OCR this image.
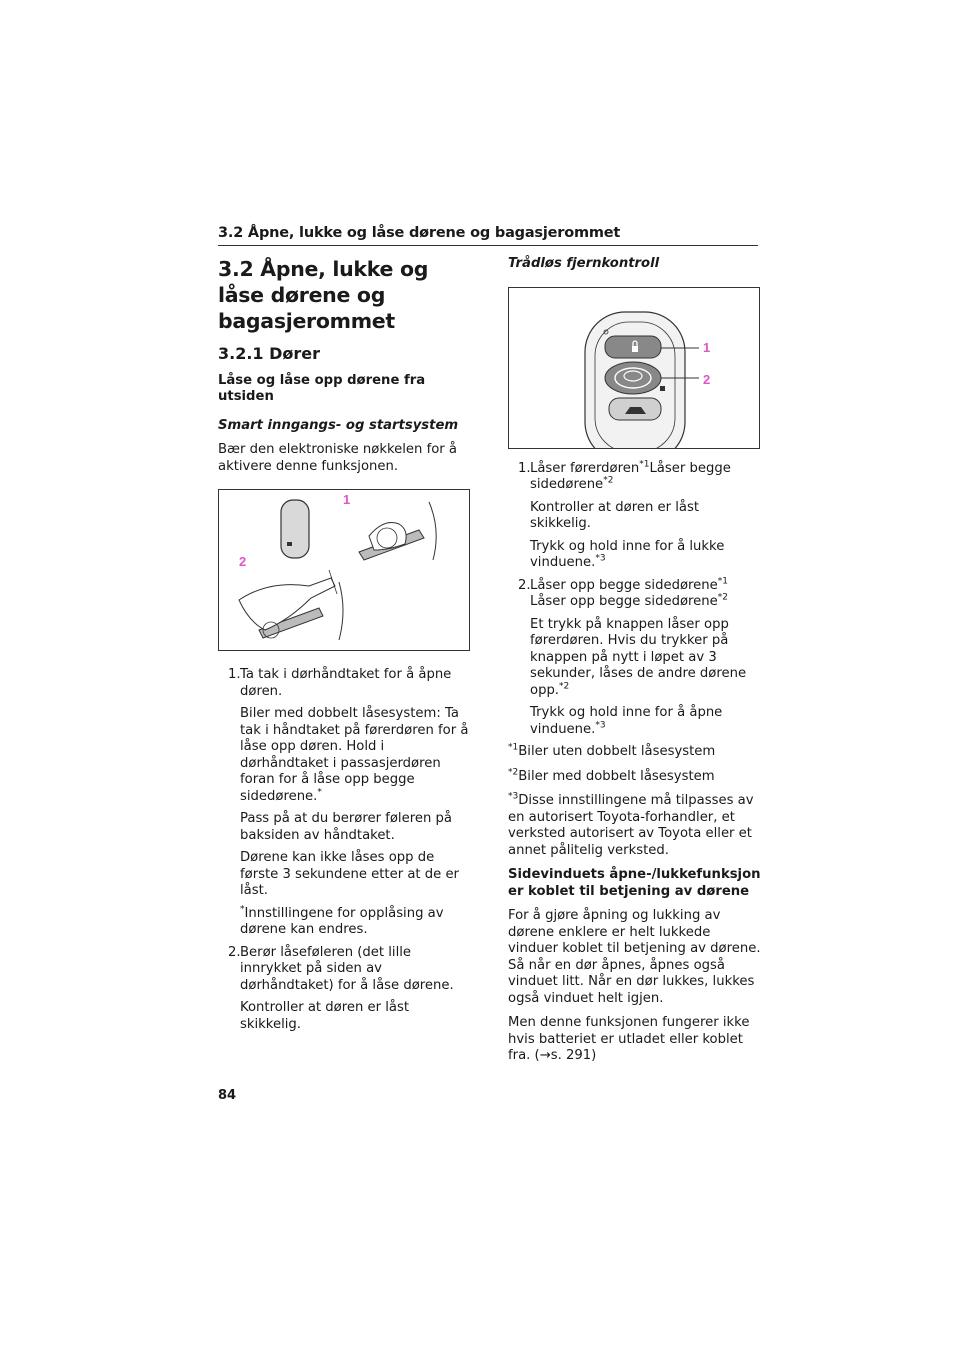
3.2 Åpne, lukke og låse dørene og bagasjerommet
3.2 Åpne, lukke og låse dørene og bagasjerommet
3.2.1 Dører
Låse og låse opp dørene fra utsiden

Smart inngangs- og startsystem

Bær den elektroniske nøkkelen for å aktivere denne funksjonen.

1
2
1. Ta tak i dørhåndtaket for å åpne døren.

Biler med dobbelt låsesystem: Ta tak i håndtaket på førerdøren for å låse opp døren. Hold i dørhåndtaket i passasjerdøren foran for å låse opp begge sidedørene.*

Pass på at du berører føleren på baksiden av håndtaket.

Dørene kan ikke låses opp de første 3 sekundene etter at de er låst.

*Innstillingene for opplåsing av dørene kan endres.

2. Berør låseføleren (det lille innrykket på siden av dørhåndtaket) for å låse dørene.

Kontroller at døren er låst skikkelig.

Trådløs fjernkontroll

1
2
1. Låser førerdøren$^{*1}$Låser begge sidedørene$^{*2}$

Kontroller at døren er låst skikkelig.

Trykk og hold inne for å lukke vinduene.$^{*3}$

2. Låser opp begge sidedørene$^{*1}$ Låser opp begge sidedørene$^{*2}$

Et trykk på knappen låser opp førerdøren. Hvis du trykker på knappen på nytt i løpet av 3 sekunder, låses de andre dørene opp.$^{*2}$

Trykk og hold inne for å åpne vinduene.$^{*3}$

$^{*1}$Biler uten dobbelt låsesystem

$^{*2}$Biler med dobbelt låsesystem

$^{*3}$Disse innstillingene må tilpasses av en autorisert Toyota-forhandler, et verksted autorisert av Toyota eller et annet pålitelig verksted.

Sidevinduets åpne-/lukkefunksjon er koblet til betjening av dørene

For å gjøre åpning og lukking av dørene enklere er helt lukkede vinduer koblet til betjening av dørene. Så når en dør åpnes, åpnes også vinduet litt. Når en dør lukkes, lukkes også vinduet helt igjen.

Men denne funksjonen fungerer ikke hvis batteriet er utladet eller koblet fra. (→s. 291)

84
